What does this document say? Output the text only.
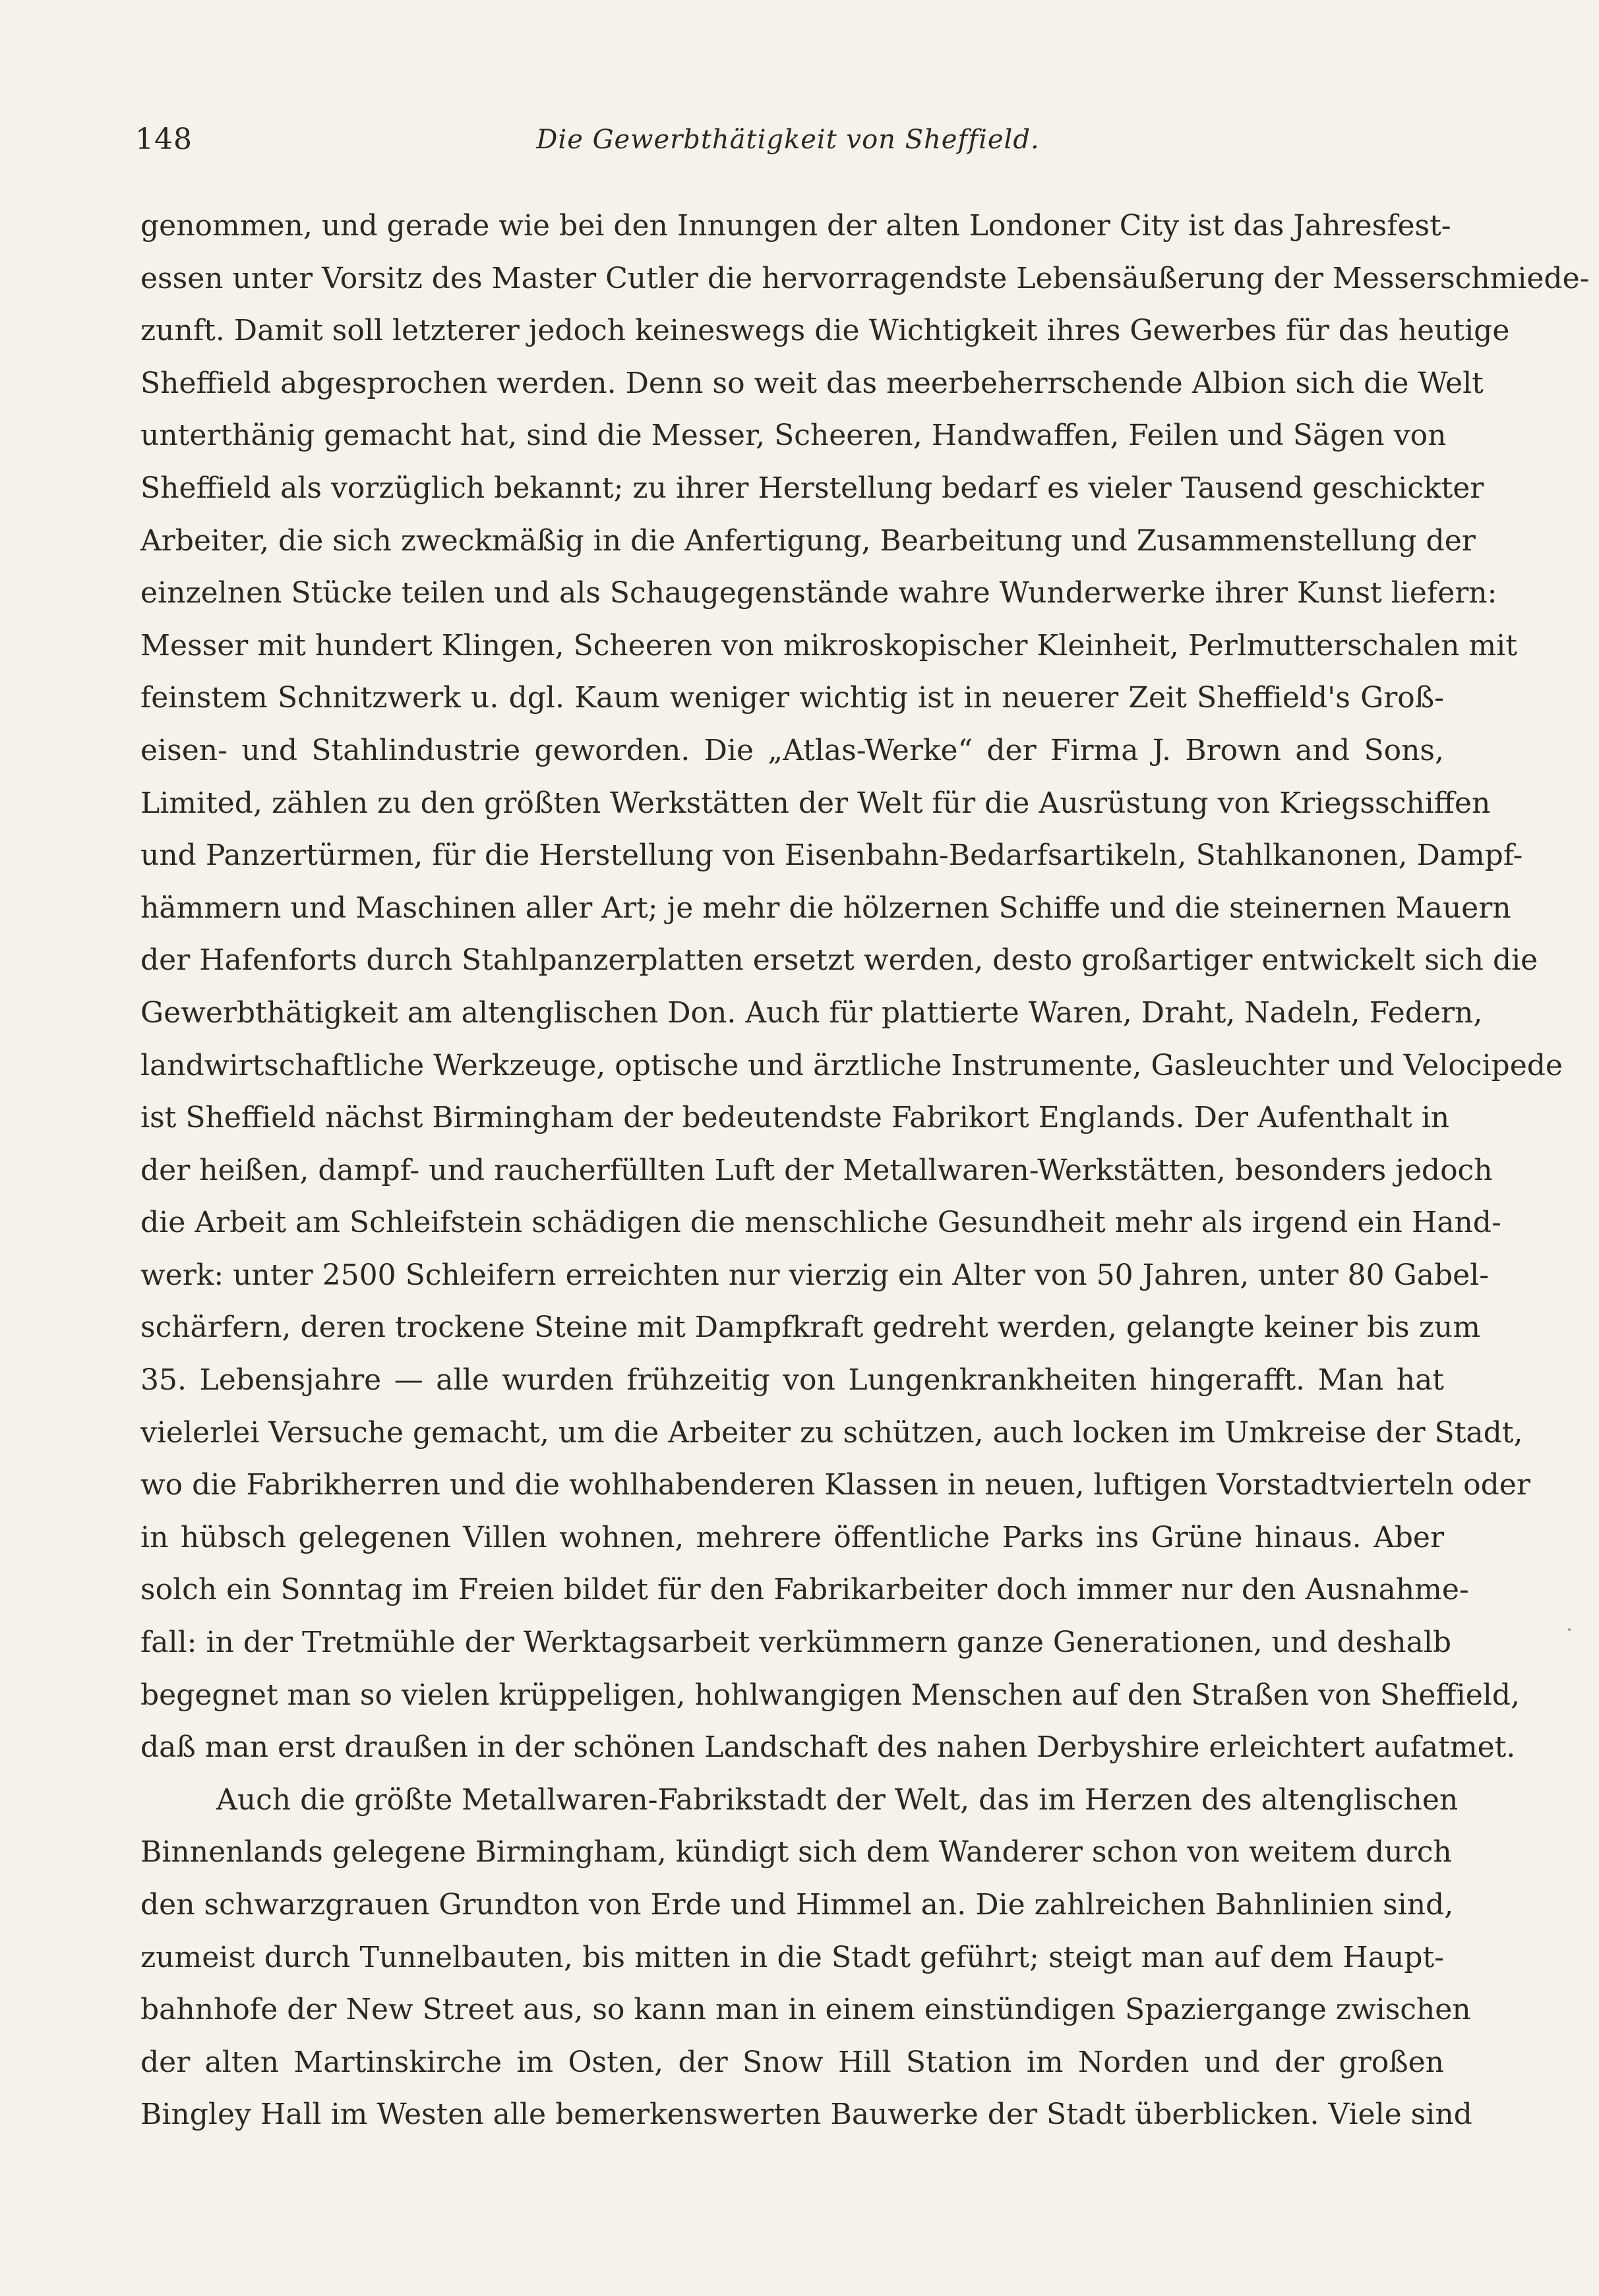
148	Die Gewerbthätigkeit von Sheffield.
genommen, und gerade wie bei den Innungen der alten Londoner City ist das Jahresfest-
essen unter Vorsitz des Master Cutler die hervorragendste Lebensäußerung der Messerschmiede-
zunft. Damit soll letzterer jedoch keineswegs die Wichtigkeit ihres Gewerbes für das heutige
Sheffield abgesprochen werden. Denn so weit das meerbeherrschende Albion sich die Welt
unterthänig gemacht hat, sind die Messer, Scheeren, Handwaffen, Feilen und Sägen von
Sheffield als vorzüglich bekannt; zu ihrer Herstellung bedarf es vieler Tausend geschickter
Arbeiter, die sich zweckmäßig in die Anfertigung, Bearbeitung und Zusammenstellung der
einzelnen Stücke teilen und als Schaugegenstände wahre Wunderwerke ihrer Kunst liefern:
Messer mit hundert Klingen, Scheeren von mikroskopischer Kleinheit, Perlmutterschalen mit
feinstem Schnitzwerk u. dgl. Kaum weniger wichtig ist in neuerer Zeit Sheffield's Groß-
eisen- und Stahlindustrie geworden. Die „Atlas-Werke“ der Firma J. Brown and Sons,
Limited, zählen zu den größten Werkstätten der Welt für die Ausrüstung von Kriegsschiffen
und Panzertürmen, für die Herstellung von Eisenbahn-Bedarfsartikeln, Stahlkanonen, Dampf-
hämmern und Maschinen aller Art; je mehr die hölzernen Schiffe und die steinernen Mauern
der Hafenforts durch Stahlpanzerplatten ersetzt werden, desto großartiger entwickelt sich die
Gewerbthätigkeit am altenglischen Don. Auch für plattierte Waren, Draht, Nadeln, Federn,
landwirtschaftliche Werkzeuge, optische und ärztliche Instrumente, Gasleuchter und Velocipede
ist Sheffield nächst Birmingham der bedeutendste Fabrikort Englands. Der Aufenthalt in
der heißen, dampf- und raucherfüllten Luft der Metallwaren-Werkstätten, besonders jedoch
die Arbeit am Schleifstein schädigen die menschliche Gesundheit mehr als irgend ein Hand-
werk: unter 2500 Schleifern erreichten nur vierzig ein Alter von 50 Jahren, unter 80 Gabel-
schärfern, deren trockene Steine mit Dampfkraft gedreht werden, gelangte keiner bis zum
35. Lebensjahre — alle wurden frühzeitig von Lungenkrankheiten hingerafft. Man hat
vielerlei Versuche gemacht, um die Arbeiter zu schützen, auch locken im Umkreise der Stadt,
wo die Fabrikherren und die wohlhabenderen Klassen in neuen, luftigen Vorstadtvierteln oder
in hübsch gelegenen Villen wohnen, mehrere öffentliche Parks ins Grüne hinaus. Aber
solch ein Sonntag im Freien bildet für den Fabrikarbeiter doch immer nur den Ausnahme-
fall: in der Tretmühle der Werktagsarbeit verkümmern ganze Generationen, und deshalb
begegnet man so vielen krüppeligen, hohlwangigen Menschen auf den Straßen von Sheffield,
daß man erst draußen in der schönen Landschaft des nahen Derbyshire erleichtert aufatmet.
Auch die größte Metallwaren-Fabrikstadt der Welt, das im Herzen des altenglischen
Binnenlands gelegene Birmingham, kündigt sich dem Wanderer schon von weitem durch
den schwarzgrauen Grundton von Erde und Himmel an. Die zahlreichen Bahnlinien sind,
zumeist durch Tunnelbauten, bis mitten in die Stadt geführt; steigt man auf dem Haupt-
bahnhofe der New Street aus, so kann man in einem einstündigen Spaziergange zwischen
der alten Martinskirche im Osten, der Snow Hill Station im Norden und der großen
Bingley Hall im Westen alle bemerkenswerten Bauwerke der Stadt überblicken. Viele sind
